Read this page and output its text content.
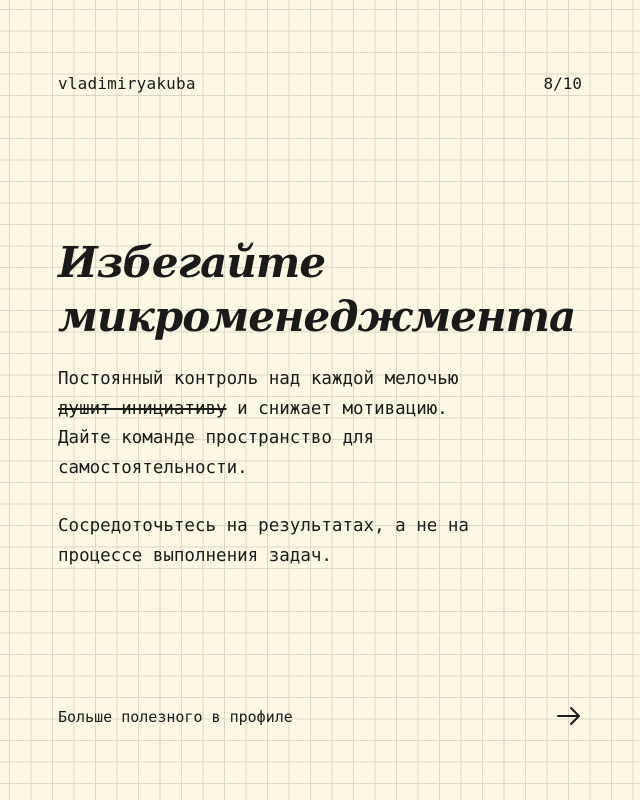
vladimiryakuba	8/10
Избегайте
микроменеджмента

Постоянный контроль над каждой мелочью
душит инициативу и снижает мотивацию.
Дайте команде пространство для
самостоятельности.

Сосредоточьтесь на результатах, а не на
процессе выполнения задач.

Больше полезного в профиле
